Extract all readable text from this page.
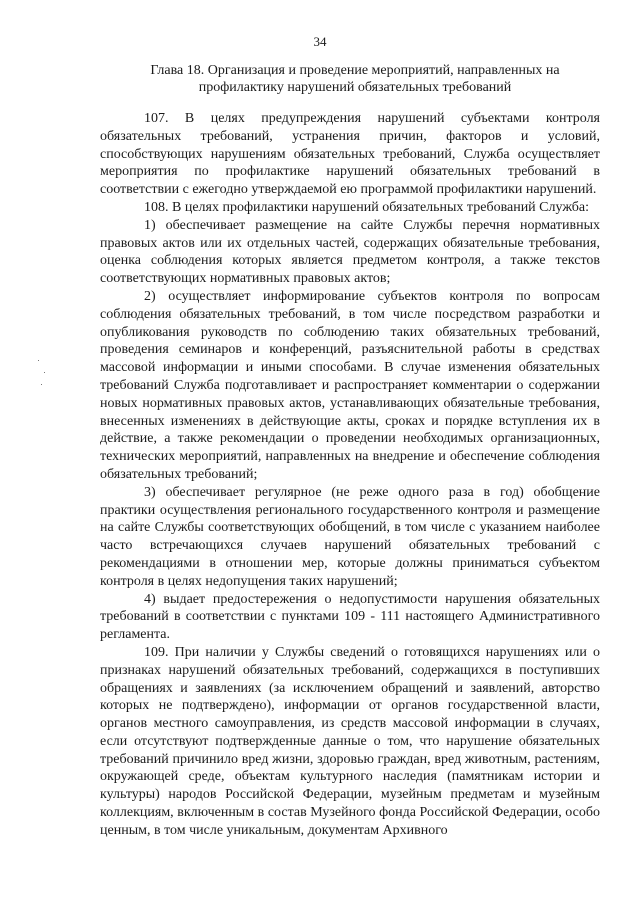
34
Глава 18. Организация и проведение мероприятий, направленных на профилактику нарушений обязательных требований

107. В целях предупреждения нарушений субъектами контроля обязательных требований, устранения причин, факторов и условий, способствующих нарушениям обязательных требований, Служба осуществляет мероприятия по профилактике нарушений обязательных требований в соответствии с ежегодно утверждаемой ею программой профилактики нарушений.

108. В целях профилактики нарушений обязательных требований Служба:

1) обеспечивает размещение на сайте Службы перечня нормативных правовых актов или их отдельных частей, содержащих обязательные требования, оценка соблюдения которых является предметом контроля, а также текстов соответствующих нормативных правовых актов;

2) осуществляет информирование субъектов контроля по вопросам соблюдения обязательных требований, в том числе посредством разработки и опубликования руководств по соблюдению таких обязательных требований, проведения семинаров и конференций, разъяснительной работы в средствах массовой информации и иными способами. В случае изменения обязательных требований Служба подготавливает и распространяет комментарии о содержании новых нормативных правовых актов, устанавливающих обязательные требования, внесенных изменениях в действующие акты, сроках и порядке вступления их в действие, а также рекомендации о проведении необходимых организационных, технических мероприятий, направленных на внедрение и обеспечение соблюдения обязательных требований;

3) обеспечивает регулярное (не реже одного раза в год) обобщение практики осуществления регионального государственного контроля и размещение на сайте Службы соответствующих обобщений, в том числе с указанием наиболее часто встречающихся случаев нарушений обязательных требований с рекомендациями в отношении мер, которые должны приниматься субъектом контроля в целях недопущения таких нарушений;

4) выдает предостережения о недопустимости нарушения обязательных требований в соответствии с пунктами 109 - 111 настоящего Административного регламента.

109. При наличии у Службы сведений о готовящихся нарушениях или о признаках нарушений обязательных требований, содержащихся в поступивших обращениях и заявлениях (за исключением обращений и заявлений, авторство которых не подтверждено), информации от органов государственной власти, органов местного самоуправления, из средств массовой информации в случаях, если отсутствуют подтвержденные данные о том, что нарушение обязательных требований причинило вред жизни, здоровью граждан, вред животным, растениям, окружающей среде, объектам культурного наследия (памятникам истории и культуры) народов Российской Федерации, музейным предметам и музейным коллекциям, включенным в состав Музейного фонда Российской Федерации, особо ценным, в том числе уникальным, документам Архивного
